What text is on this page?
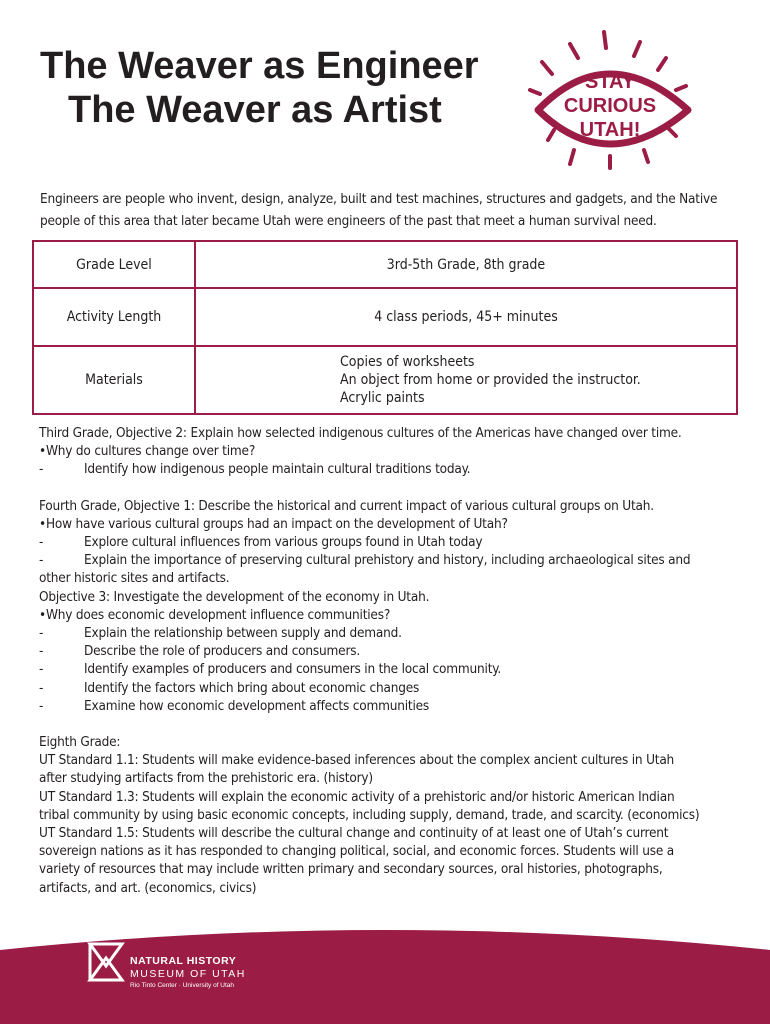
The Weaver as Engineer

The Weaver as Artist
STAY
CURIOUS
UTAH!

Engineers are people who invent, design, analyze, built and test machines, structures and gadgets, and the Native people of this area that later became Utah were engineers of the past that meet a human survival need.

Grade Level	3rd-5th Grade, 8th grade
Activity Length	4 class periods, 45+ minutes
Materials	Copies of worksheets
An object from home or provided the instructor.
Acrylic paints
Third Grade, Objective 2: Explain how selected indigenous cultures of the Americas have changed over time.
•Why do cultures change over time?
-	Identify how indigenous people maintain cultural traditions today.
Fourth Grade, Objective 1: Describe the historical and current impact of various cultural groups on Utah.
•How have various cultural groups had an impact on the development of Utah?
-	Explore cultural influences from various groups found in Utah today
-	Explain the importance of preserving cultural prehistory and history, including archaeological sites and
other historic sites and artifacts.
Objective 3: Investigate the development of the economy in Utah.
•Why does economic development influence communities?
-	Explain the relationship between supply and demand.
-	Describe the role of producers and consumers.
-	Identify examples of producers and consumers in the local community.
-	Identify the factors which bring about economic changes
-	Examine how economic development affects communities
Eighth Grade:
UT Standard 1.1: Students will make evidence-based inferences about the complex ancient cultures in Utah
after studying artifacts from the prehistoric era. (history)
UT Standard 1.3: Students will explain the economic activity of a prehistoric and/or historic American Indian
tribal community by using basic economic concepts, including supply, demand, trade, and scarcity. (economics)
UT Standard 1.5: Students will describe the cultural change and continuity of at least one of Utah’s current
sovereign nations as it has responded to changing political, social, and economic forces. Students will use a
variety of resources that may include written primary and secondary sources, oral histories, photographs,
artifacts, and art. (economics, civics)
NATURAL HISTORY
MUSEUM OF UTAH
Rio Tinto Center · University of Utah
